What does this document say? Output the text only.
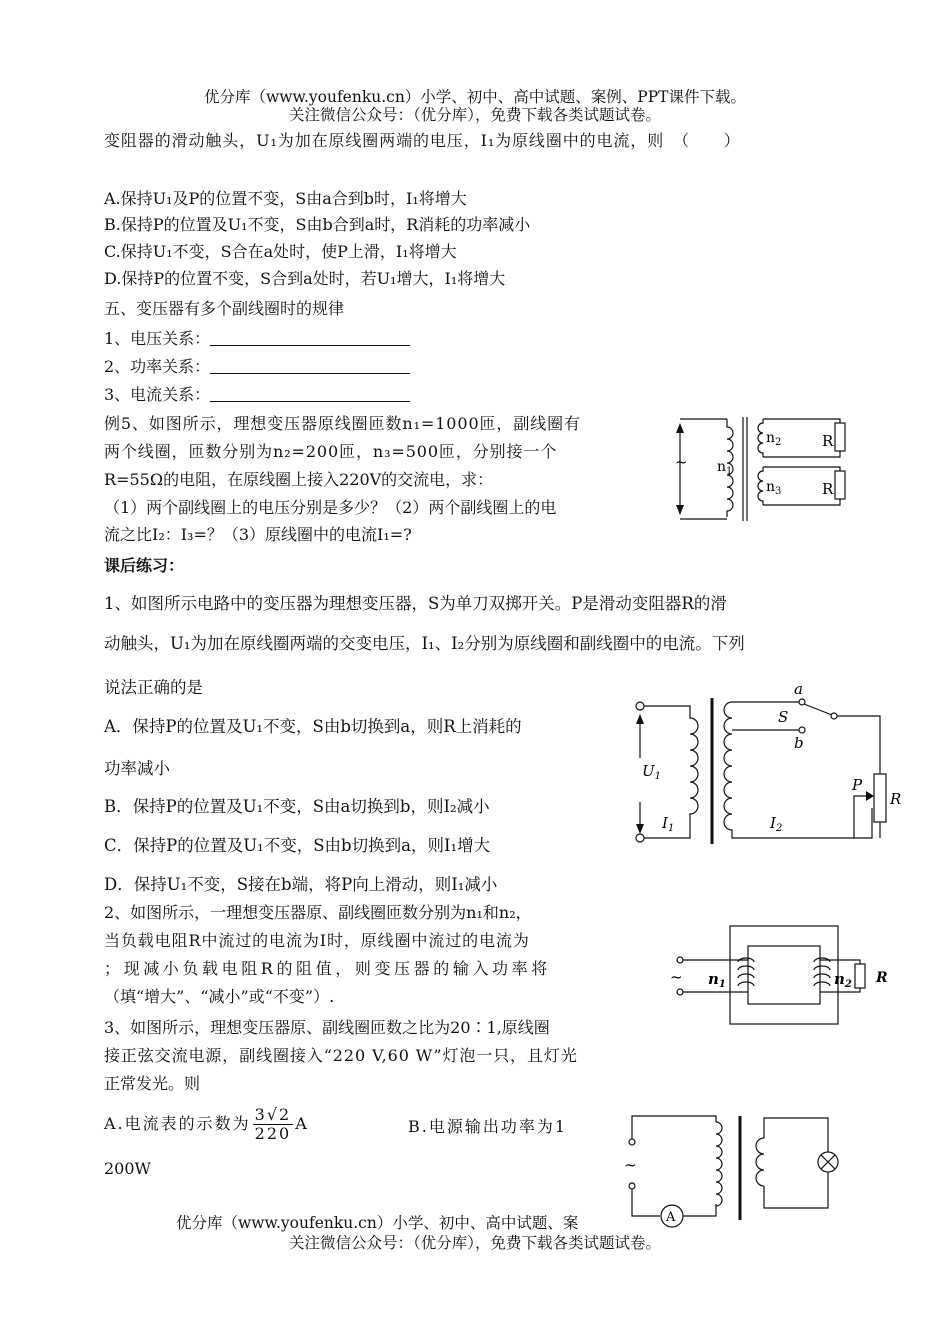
优分库（www.youfenku.cn）小学、初中、高中试题、案例、PPT课件下载。
关注微信公众号：（优分库），免费下载各类试题试卷。
变阻器的滑动触头，U₁为加在原线圈两端的电压，I₁为原线圈中的电流，则　（　　）
A.保持U₁及P的位置不变，S由a合到b时，I₁将增大
B.保持P的位置及U₁不变，S由b合到a时，R消耗的功率减小
C.保持U₁不变，S合在a处时，使P上滑，I₁将增大
D.保持P的位置不变，S合到a处时，若U₁增大，I₁将增大
五、变压器有多个副线圈时的规律
1、电压关系：
2、功率关系：
3、电流关系：
例5、如图所示，理想变压器原线圈匝数n₁=1000匝，副线圈有
两个线圈，匝数分别为n₂=200匝，n₃=500匝，分别接一个
R=55Ω的电阻，在原线圈上接入220V的交流电，求：
（1）两个副线圈上的电压分别是多少？（2）两个副线圈上的电
流之比I₂：I₃=？（3）原线圈中的电流I₁=?
~ $n_1$
$n_2$
$n_3$
R
R
课后练习：
1、如图所示电路中的变压器为理想变压器，S为单刀双掷开关。P是滑动变阻器R的滑
动触头，U₁为加在原线圈两端的交变电压，I₁、I₂分别为原线圈和副线圈中的电流。下列
说法正确的是
A．保持P的位置及U₁不变，S由b切换到a，则R上消耗的
功率减小
B．保持P的位置及U₁不变，S由a切换到b，则I₂减小
C．保持P的位置及U₁不变，S由b切换到a，则I₁增大
D．保持U₁不变，S接在b端，将P向上滑动，则I₁减小
a
S
b
$U_1$
$I_1$	$I_2$
P
R
2、如图所示，一理想变压器原、副线圈匝数分别为n₁和n₂，
当负载电阻R中流过的电流为I时，原线圈中流过的电流为
；现减小负载电阻R的阻值，则变压器的输入功率将
（填“增大”、“减小”或“不变”）.
~ $n_1$	$n_2$ R
3、如图所示，理想变压器原、副线圈匝数之比为20∶1,原线圈
接正弦交流电源，副线圈接入“220 V,60 W”灯泡一只，且灯光
正常发光。则
A.电流表的示数为 $\frac{3√2}{220}$ A	B.电源输出功率为1
200W	~
A
优分库（www.youfenku.cn）小学、初中、高中试题、案
关注微信公众号：（优分库），免费下载各类试题试卷。
